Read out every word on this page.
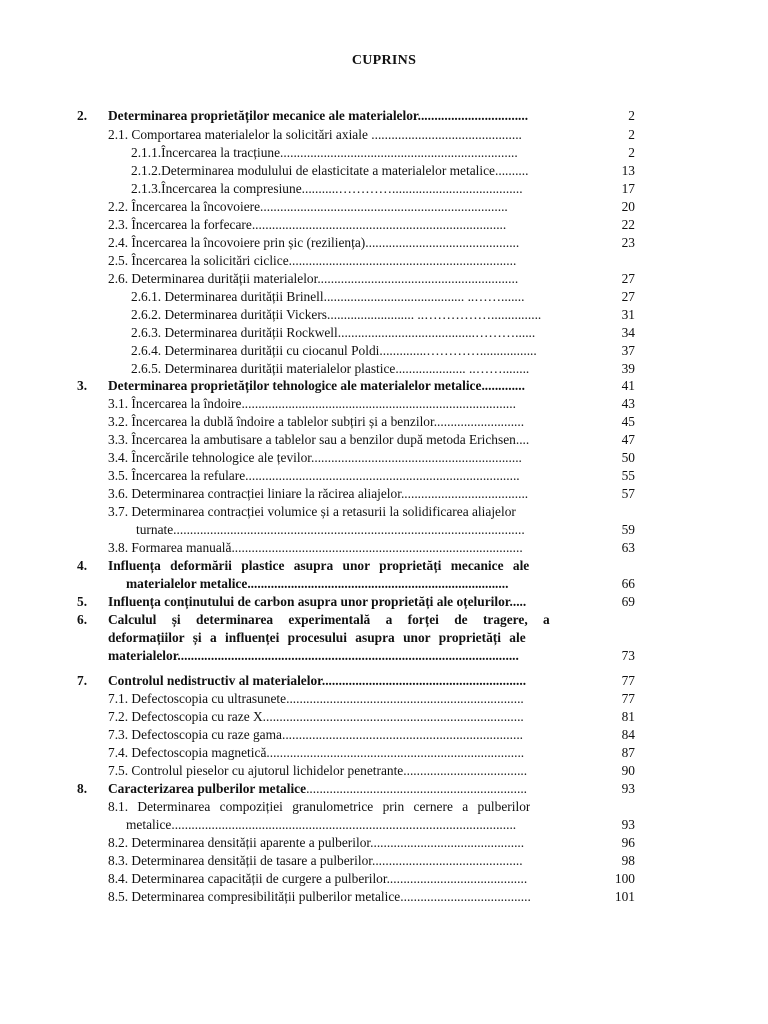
CUPRINS
2. Determinarea proprietăților mecanice ale materialelor.................................	2
2.1. Comportarea materialelor la solicitări axiale .............................................	2
2.1.1.Încercarea la tracțiune.......................................................................	2
2.1.2.Determinarea modulului de elasticitate a materialelor metalice..........	13
2.1.3.Încercarea la compresiune...........………….......................................	17
2.2. Încercarea la încovoiere..........................................................................	20
2.3. Încercarea la forfecare............................................................................	22
2.4. Încercarea la încovoiere prin șic (reziliența)..............................................	23
2.5. Încercarea la solicitări ciclice....................................................................
2.6. Determinarea durității materialelor............................................................	27
2.6.1. Determinarea durității Brinell.......................................... ..…….......	27
2.6.2. Determinarea durității Vickers.......................... ..……………...............	31
2.6.3. Determinarea durității Rockwell.........................................………......	34
2.6.4. Determinarea durității cu ciocanul Poldi..............………….................	37
2.6.5. Determinarea durității materialelor plastice..................... ..……........	39
3. Determinarea proprietăților tehnologice ale materialelor metalice.............	41
3.1. Încercarea la îndoire..................................................................................	43
3.2. Încercarea la dublă îndoire a tablelor subțiri și a benzilor...........................	45
3.3. Încercarea la ambutisare a tablelor sau a benzilor după metoda Erichsen....	47
3.4. Încercările tehnologice ale țevilor...............................................................	50
3.5. Încercarea la refulare..................................................................................	55
3.6. Determinarea contracției liniare la răcirea aliajelor......................................	57
3.7. Determinarea contracției volumice și a retasurii la solidificarea aliajelor
turnate.........................................................................................................	59
3.8. Formarea manuală.......................................................................................	63
4. Influența deformării plastice asupra unor proprietăți mecanice ale
materialelor metalice..............................................................................	66
5. Influența conținutului de carbon asupra unor proprietăți ale oțelurilor.....	69
6. Calculul și determinarea experimentală a forței de tragere, a
deformațiilor și a influenței procesului asupra unor proprietăți ale
materialelor......................................................................................................	73
7. Controlul nedistructiv al materialelor.............................................................	77
7.1. Defectoscopia cu ultrasunete.......................................................................	77
7.2. Defectoscopia cu raze X..............................................................................	81
7.3. Defectoscopia cu raze gama........................................................................	84
7.4. Defectoscopia magnetică.............................................................................	87
7.5. Controlul pieselor cu ajutorul lichidelor penetrante.....................................	90
8. Caracterizarea pulberilor metalice..................................................................	93
8.1. Determinarea compoziției granulometrice prin cernere a pulberilor
metalice.......................................................................................................	93
8.2. Determinarea densității aparente a pulberilor..............................................	96
8.3. Determinarea densității de tasare a pulberilor.............................................	98
8.4. Determinarea capacității de curgere a pulberilor..........................................	100
8.5. Determinarea compresibilității pulberilor metalice.......................................	101
